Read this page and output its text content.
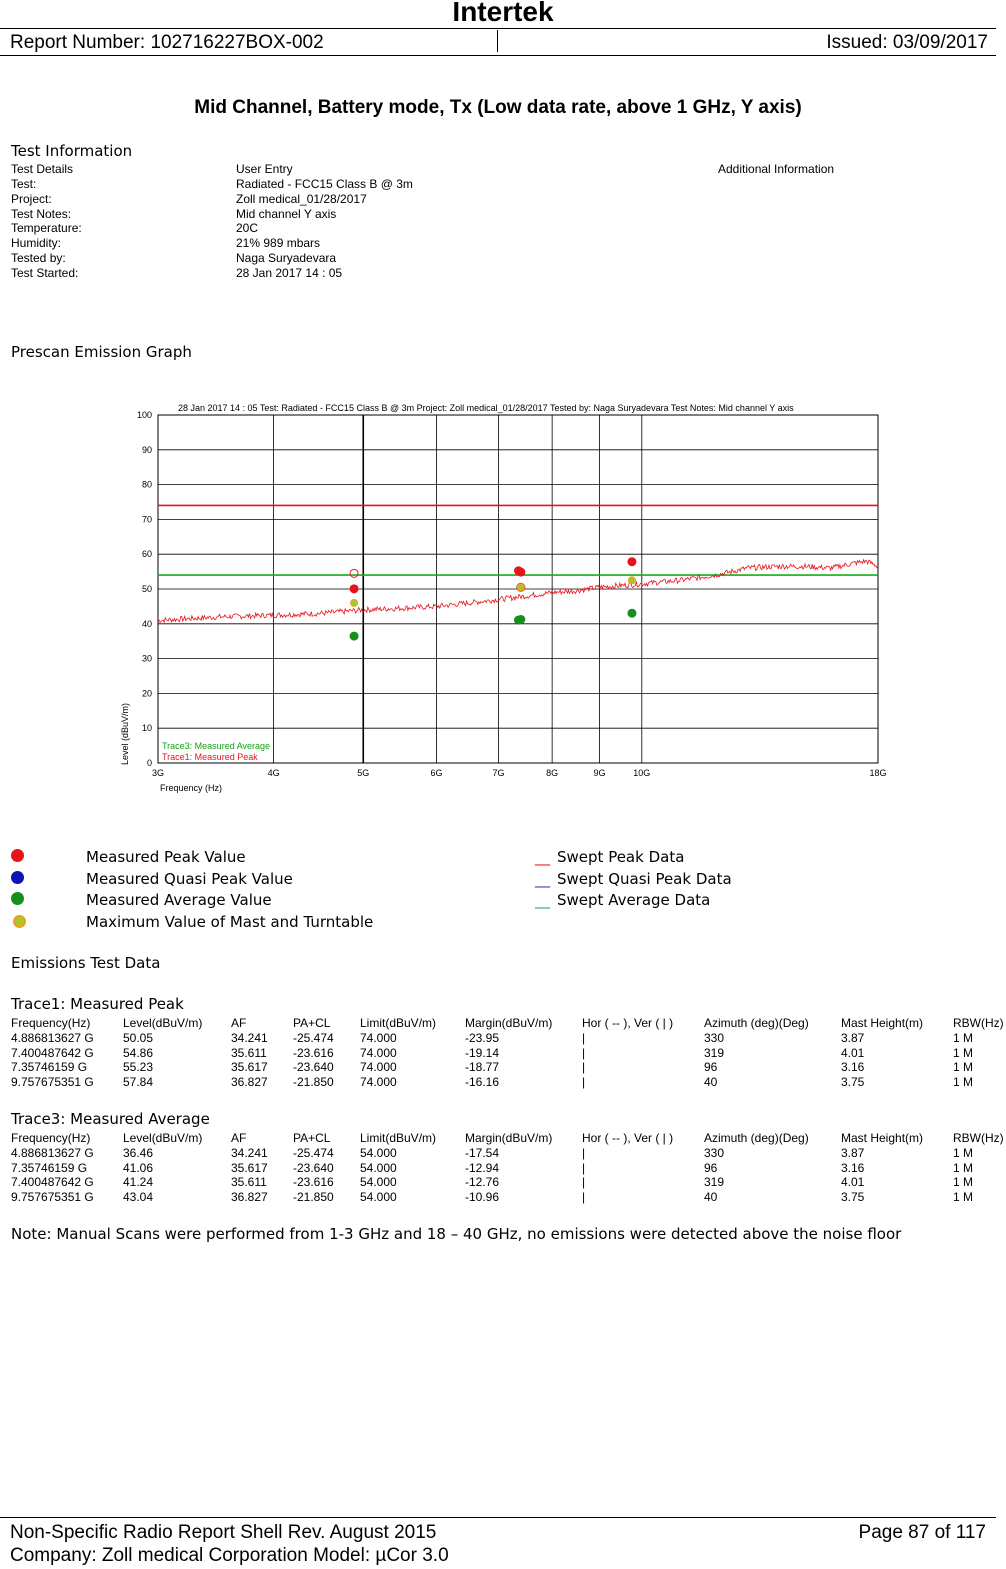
Intertek
Report Number: 102716227BOX-002	Issued: 03/09/2017
Mid Channel, Battery mode, Tx (Low data rate, above 1 GHz, Y axis)
Test Information
Test Details	User Entry	Additional Information
Test:	Radiated - FCC15 Class B @ 3m
Project:	Zoll medical_01/28/2017
Test Notes:	Mid channel Y axis
Temperature:	20C
Humidity:	21% 989 mbars
Tested by:	Naga Suryadevara
Test Started:	28 Jan 2017 14 : 05
Prescan Emission Graph
0
10
20
30
40
50
60
70
80
90
100
3G	4G	5G	6G	7G	8G	9G	10G	18G
28 Jan 2017 14 : 05 Test: Radiated - FCC15 Class B @ 3m Project: Zoll medical_01/28/2017 Tested by: Naga Suryadevara Test Notes: Mid channel Y axis
Frequency (Hz)
Level (dBuV/m)	Trace3: Measured Average
Trace1: Measured Peak
Measured Peak Value
Measured Quasi Peak Value
Measured Average Value
Maximum Value of Mast and Turntable
__ Swept Peak Data
__ Swept Quasi Peak Data
__ Swept Average Data
Emissions Test Data
Trace1: Measured Peak
Frequency(Hz)	Level(dBuV/m)	AF	PA+CL	Limit(dBuV/m)	Margin(dBuV/m)	Hor ( -- ), Ver ( | )	Azimuth (deg)(Deg)	Mast Height(m)	RBW(Hz)
4.886813627 G	50.05	34.241	-25.474	74.000	-23.95	|	330	3.87	1 M
7.400487642 G	54.86	35.611	-23.616	74.000	-19.14	|	319	4.01	1 M
7.35746159 G	55.23	35.617	-23.640	74.000	-18.77	|	96	3.16	1 M
9.757675351 G	57.84	36.827	-21.850	74.000	-16.16	|	40	3.75	1 M
Trace3: Measured Average
Frequency(Hz)	Level(dBuV/m)	AF	PA+CL	Limit(dBuV/m)	Margin(dBuV/m)	Hor ( -- ), Ver ( | )	Azimuth (deg)(Deg)	Mast Height(m)	RBW(Hz)
4.886813627 G	36.46	34.241	-25.474	54.000	-17.54	|	330	3.87	1 M
7.35746159 G	41.06	35.617	-23.640	54.000	-12.94	|	96	3.16	1 M
7.400487642 G	41.24	35.611	-23.616	54.000	-12.76	|	319	4.01	1 M
9.757675351 G	43.04	36.827	-21.850	54.000	-10.96	|	40	3.75	1 M
Note: Manual Scans were performed from 1-3 GHz and 18 – 40 GHz, no emissions were detected above the noise floor
Non-Specific Radio Report Shell Rev. August 2015	Page 87 of 117
Company: Zoll medical Corporation Model: µCor 3.0
